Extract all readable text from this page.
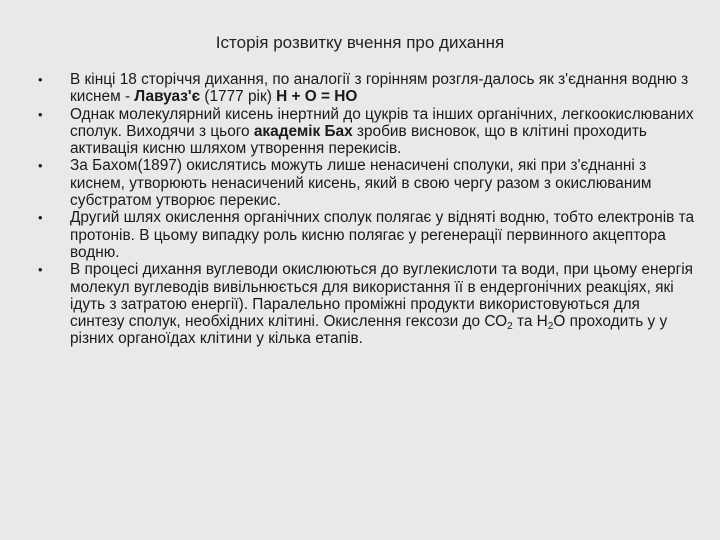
Історія розвитку вчення про дихання
• В кінці 18 сторіччя дихання, по аналогії з горінням розгля-далось як з'єднання водню з киснем - Лавуаз'є (1777 рік) Н + О = НО
• Однак молекулярний кисень інертний до цукрів та інших органічних, легкоокислюваних сполук. Виходячи з цього академік Бах зробив висновок, що в клітині проходить активація кисню шляхом утворення перекисів.
• За Бахом(1897) окислятись можуть лише ненасичені сполуки, які при з'єднанні з киснем, утворюють ненасичений кисень, який в свою чергу разом з окислюваним субстратом утворює перекис.
• Другий шлях окислення органічних сполук полягає у відняті водню, тобто електронів та протонів. В цьому випадку роль кисню полягає у регенерації первинного акцептора водню.
• В процесі дихання вуглеводи окислюються до вуглекислоти та води, при цьому енергія молекул вуглеводів вивільнюється для використання її в ендергонічних реакціях, які ідуть з затратою енергії). Паралельно проміжні продукти використовуються для синтезу сполук, необхідних клітині. Окислення гексози до $СО_2$ та $Н_2О$ проходить у у різних органоїдах клітини у кілька етапів.
